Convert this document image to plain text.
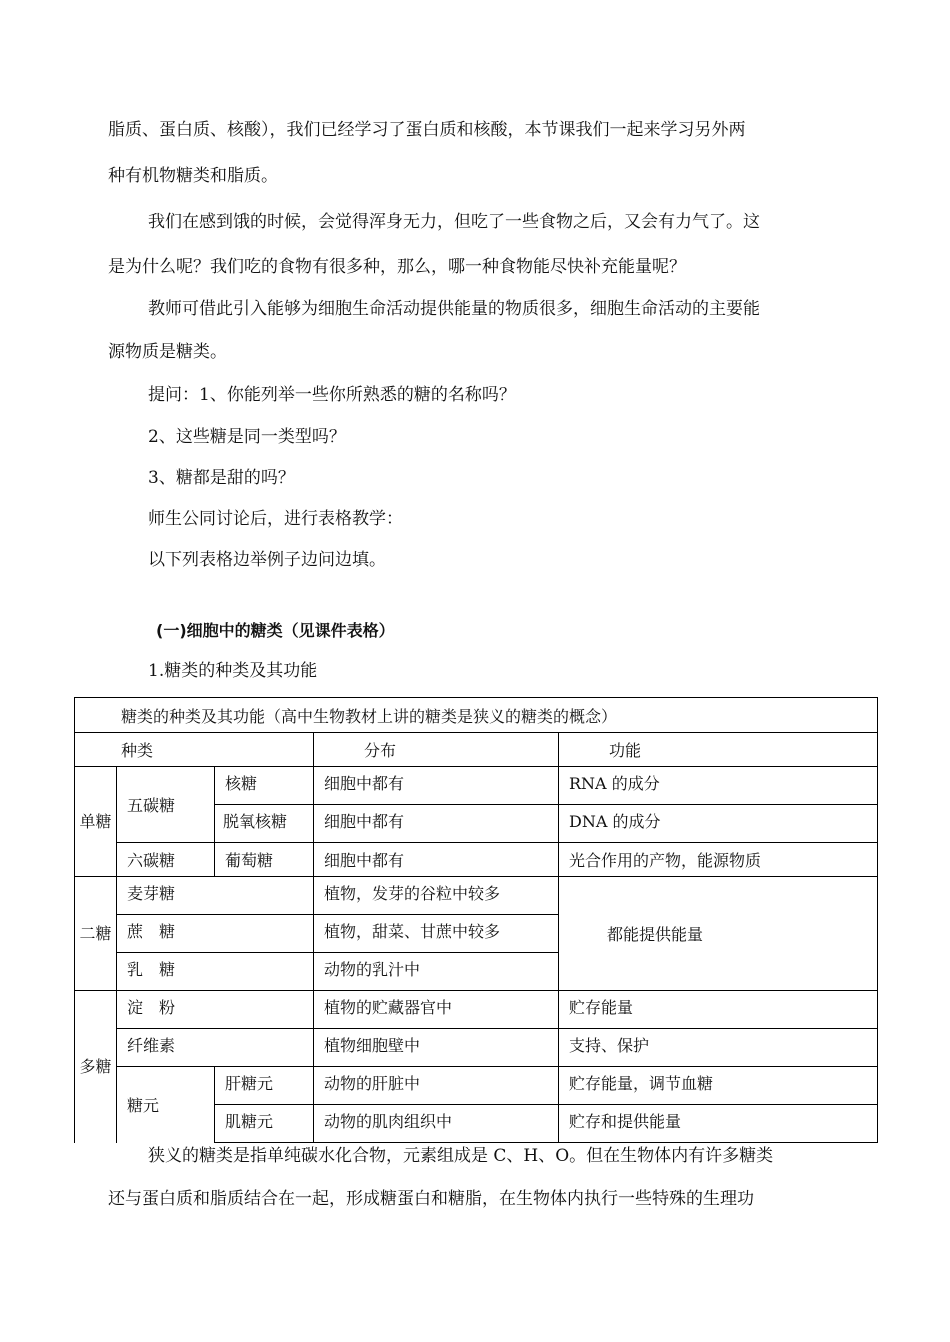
脂质、蛋白质、核酸），我们已经学习了蛋白质和核酸，本节课我们一起来学习另外两
种有机物糖类和脂质。
我们在感到饿的时候，会觉得浑身无力，但吃了一些食物之后，又会有力气了。这
是为什么呢？我们吃的食物有很多种，那么，哪一种食物能尽快补充能量呢？
教师可借此引入能够为细胞生命活动提供能量的物质很多，细胞生命活动的主要能
源物质是糖类。
提问：1、你能列举一些你所熟悉的糖的名称吗？
2、这些糖是同一类型吗？
3、糖都是甜的吗？
师生公同讨论后，进行表格教学：
以下列表格边举例子边问边填。
(一)细胞中的糖类（见课件表格）
1.糖类的种类及其功能
糖类的种类及其功能（高中生物教材上讲的糖类是狭义的糖类的概念）				
种类			分布	功能
单糖	五碳糖	核糖	细胞中都有	RNA 的成分
		脱氧核糖	细胞中都有	DNA 的成分
	六碳糖	葡萄糖	细胞中都有	光合作用的产物，能源物质
二糖	麦芽糖		植物，发芽的谷粒中较多	都能提供能量
	蔗　糖		植物，甜菜、甘蔗中较多	
	乳　糖		动物的乳汁中	
多糖	淀　粉		植物的贮藏器官中	贮存能量
	纤维素		植物细胞壁中	支持、保护
	糖元	肝糖元	动物的肝脏中	贮存能量，调节血糖
		肌糖元	动物的肌肉组织中	贮存和提供能量
狭义的糖类是指单纯碳水化合物，元素组成是 C、H、O。但在生物体内有许多糖类
还与蛋白质和脂质结合在一起，形成糖蛋白和糖脂，在生物体内执行一些特殊的生理功
